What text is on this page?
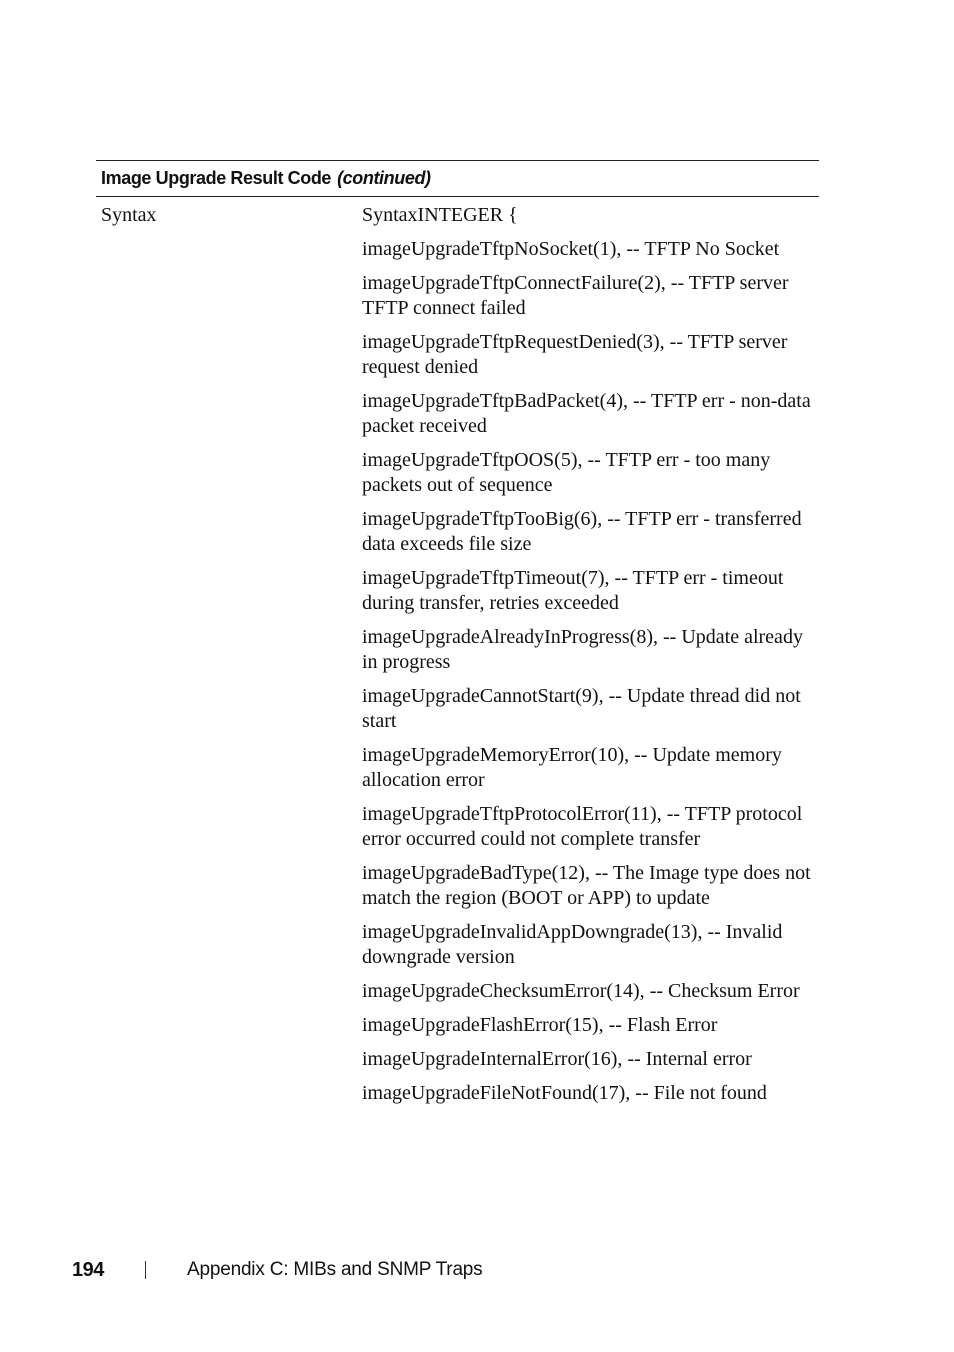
Image Upgrade Result Code (continued)
Syntax	SyntaxINTEGER {
imageUpgradeTftpNoSocket(1), -- TFTP No Socket
imageUpgradeTftpConnectFailure(2), -- TFTP server TFTP connect failed
imageUpgradeTftpRequestDenied(3), -- TFTP server request denied
imageUpgradeTftpBadPacket(4), -- TFTP err - non-data packet received
imageUpgradeTftpOOS(5), -- TFTP err - too many packets out of sequence
imageUpgradeTftpTooBig(6), -- TFTP err - transferred data exceeds file size
imageUpgradeTftpTimeout(7), -- TFTP err - timeout during transfer, retries exceeded
imageUpgradeAlreadyInProgress(8), -- Update already in progress
imageUpgradeCannotStart(9), -- Update thread did not start
imageUpgradeMemoryError(10), -- Update memory allocation error
imageUpgradeTftpProtocolError(11), -- TFTP protocol error occurred could not complete transfer
imageUpgradeBadType(12), -- The Image type does not match the region (BOOT or APP) to update
imageUpgradeInvalidAppDowngrade(13), -- Invalid downgrade version
imageUpgradeChecksumError(14), -- Checksum Error
imageUpgradeFlashError(15), -- Flash Error
imageUpgradeInternalError(16), -- Internal error
imageUpgradeFileNotFound(17), -- File not found
194	Appendix C: MIBs and SNMP Traps
